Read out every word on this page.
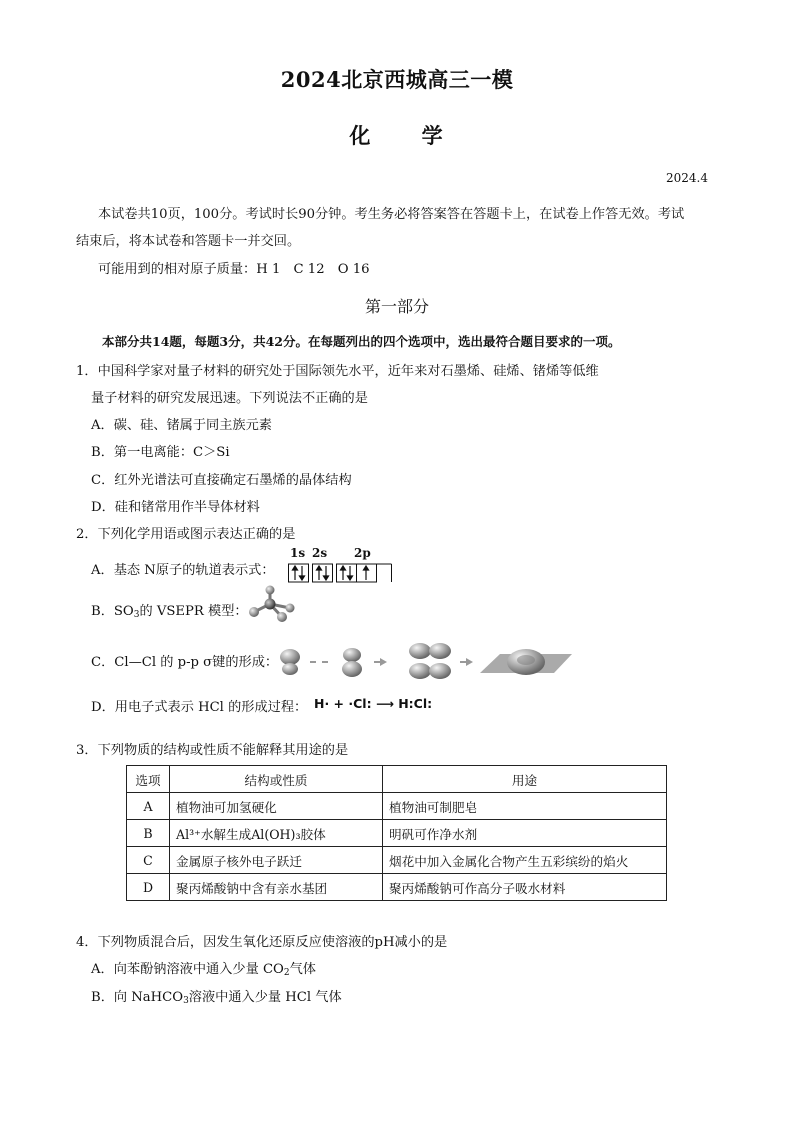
2024北京西城高三一模
化 学
2024.4
本试卷共10页，100分。考试时长90分钟。考生务必将答案答在答题卡上，在试卷上作答无效。考试
结束后，将本试卷和答题卡一并交回。
可能用到的相对原子质量：H 1　C 12　O 16
第一部分
本部分共14题，每题3分，共42分。在每题列出的四个选项中，选出最符合题目要求的一项。
1．中国科学家对量子材料的研究处于国际领先水平，近年来对石墨烯、硅烯、锗烯等低维
量子材料的研究发展迅速。下列说法不正确的是
A．碳、硅、锗属于同主族元素
B．第一电离能：C＞Si
C．红外光谱法可直接确定石墨烯的晶体结构
D．硅和锗常用作半导体材料
2．下列化学用语或图示表达正确的是
A．基态 N原子的轨道表示式：
1s 2s 2p
B．$SO_3$的 VSEPR 模型：
C．Cl—Cl 的 p-p σ键的形成：
D．用电子式表示 HCl 的形成过程： H· + ·Cl: ⟶ H:Cl:
3．下列物质的结构或性质不能解释其用途的是
选项	结构或性质	用途
A	植物油可加氢硬化	植物油可制肥皂
B	Al³⁺水解生成Al(OH)₃胶体	明矾可作净水剂
C	金属原子核外电子跃迁	烟花中加入金属化合物产生五彩缤纷的焰火
D	聚丙烯酸钠中含有亲水基团	聚丙烯酸钠可作高分子吸水材料
4．下列物质混合后，因发生氧化还原反应使溶液的pH减小的是
A．向苯酚钠溶液中通入少量 $CO_2$气体
B．向 NaHCO$_3$溶液中通入少量 HCl 气体
